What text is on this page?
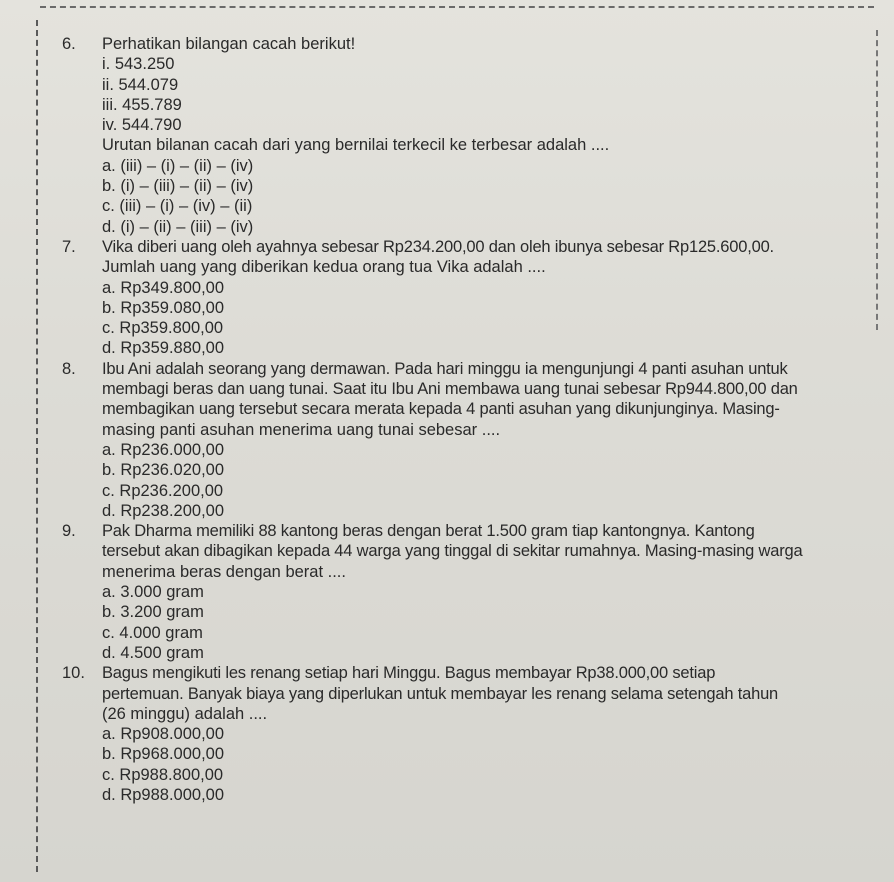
6. Perhatikan bilangan cacah berikut!
i. 543.250
ii. 544.079
iii. 455.789
iv. 544.790
Urutan bilanan cacah dari yang bernilai terkecil ke terbesar adalah ....
a. (iii) – (i) – (ii) – (iv)
b. (i) – (iii) – (ii) – (iv)
c. (iii) – (i) – (iv) – (ii)
d. (i) – (ii) – (iii) – (iv)
7. Vika diberi uang oleh ayahnya sebesar Rp234.200,00 dan oleh ibunya sebesar Rp125.600,00.
Jumlah uang yang diberikan kedua orang tua Vika adalah ....
a. Rp349.800,00
b. Rp359.080,00
c. Rp359.800,00
d. Rp359.880,00
8. Ibu Ani adalah seorang yang dermawan. Pada hari minggu ia mengunjungi 4 panti asuhan untuk
membagi beras dan uang tunai. Saat itu Ibu Ani membawa uang tunai sebesar Rp944.800,00 dan
membagikan uang tersebut secara merata kepada 4 panti asuhan yang dikunjunginya. Masing-
masing panti asuhan menerima uang tunai sebesar ....
a. Rp236.000,00
b. Rp236.020,00
c. Rp236.200,00
d. Rp238.200,00
9. Pak Dharma memiliki 88 kantong beras dengan berat 1.500 gram tiap kantongnya. Kantong
tersebut akan dibagikan kepada 44 warga yang tinggal di sekitar rumahnya. Masing-masing warga
menerima beras dengan berat ....
a. 3.000 gram
b. 3.200 gram
c. 4.000 gram
d. 4.500 gram
10. Bagus mengikuti les renang setiap hari Minggu. Bagus membayar Rp38.000,00 setiap
pertemuan. Banyak biaya yang diperlukan untuk membayar les renang selama setengah tahun
(26 minggu) adalah ....
a. Rp908.000,00
b. Rp968.000,00
c. Rp988.800,00
d. Rp988.000,00
